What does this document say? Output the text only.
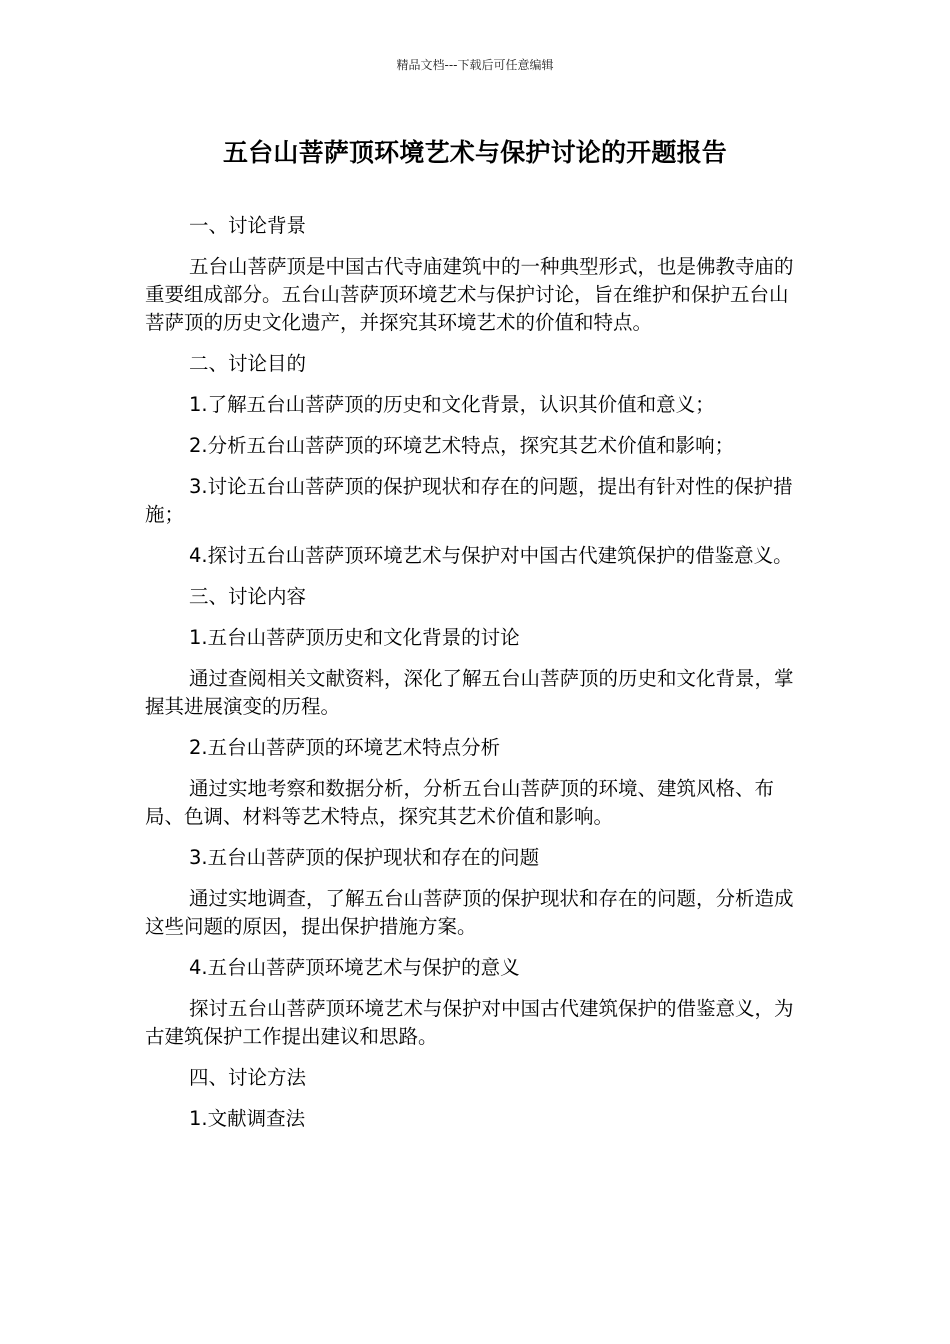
精品文档---下载后可任意编辑
五台山菩萨顶环境艺术与保护讨论的开题报告

一、讨论背景

五台山菩萨顶是中国古代寺庙建筑中的一种典型形式，也是佛教寺庙的重要组成部分。五台山菩萨顶环境艺术与保护讨论，旨在维护和保护五台山菩萨顶的历史文化遗产，并探究其环境艺术的价值和特点。

二、讨论目的

1.了解五台山菩萨顶的历史和文化背景，认识其价值和意义；

2.分析五台山菩萨顶的环境艺术特点，探究其艺术价值和影响；

3.讨论五台山菩萨顶的保护现状和存在的问题，提出有针对性的保护措施；

4.探讨五台山菩萨顶环境艺术与保护对中国古代建筑保护的借鉴意义。

三、讨论内容

1.五台山菩萨顶历史和文化背景的讨论

通过查阅相关文献资料，深化了解五台山菩萨顶的历史和文化背景，掌握其进展演变的历程。

2.五台山菩萨顶的环境艺术特点分析

通过实地考察和数据分析，分析五台山菩萨顶的环境、建筑风格、布局、色调、材料等艺术特点，探究其艺术价值和影响。

3.五台山菩萨顶的保护现状和存在的问题

通过实地调查，了解五台山菩萨顶的保护现状和存在的问题，分析造成这些问题的原因，提出保护措施方案。

4.五台山菩萨顶环境艺术与保护的意义

探讨五台山菩萨顶环境艺术与保护对中国古代建筑保护的借鉴意义，为古建筑保护工作提出建议和思路。

四、讨论方法

1.文献调查法
